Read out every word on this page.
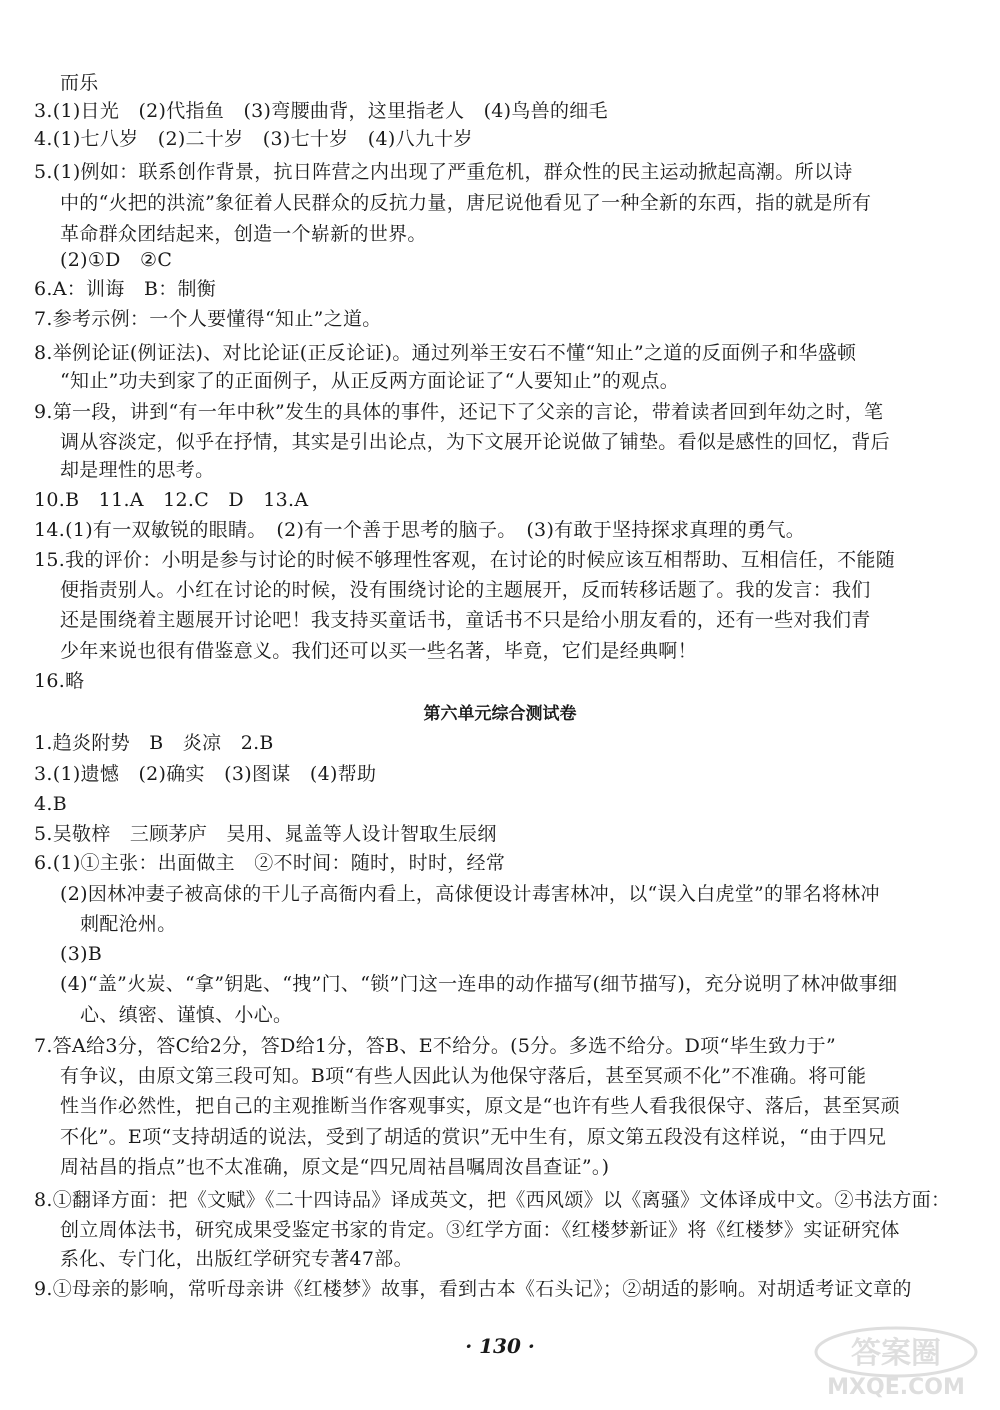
而乐
3.(1)日光　(2)代指鱼　(3)弯腰曲背，这里指老人　(4)鸟兽的细毛
4.(1)七八岁　(2)二十岁　(3)七十岁　(4)八九十岁
5.(1)例如：联系创作背景，抗日阵营之内出现了严重危机，群众性的民主运动掀起高潮。所以诗
中的“火把的洪流”象征着人民群众的反抗力量，唐尼说他看见了一种全新的东西，指的就是所有
革命群众团结起来，创造一个崭新的世界。
(2)①D　②C
6.A：训诲　B：制衡
7.参考示例：一个人要懂得“知止”之道。
8.举例论证(例证法)、对比论证(正反论证)。通过列举王安石不懂“知止”之道的反面例子和华盛顿
“知止”功夫到家了的正面例子，从正反两方面论证了“人要知止”的观点。
9.第一段，讲到“有一年中秋”发生的具体的事件，还记下了父亲的言论，带着读者回到年幼之时，笔
调从容淡定，似乎在抒情，其实是引出论点，为下文展开论说做了铺垫。看似是感性的回忆，背后
却是理性的思考。
10.B　11.A　12.C　D　13.A
14.(1)有一双敏锐的眼睛。　(2)有一个善于思考的脑子。　(3)有敢于坚持探求真理的勇气。
15.我的评价：小明是参与讨论的时候不够理性客观，在讨论的时候应该互相帮助、互相信任，不能随
便指责别人。小红在讨论的时候，没有围绕讨论的主题展开，反而转移话题了。我的发言：我们
还是围绕着主题展开讨论吧！我支持买童话书，童话书不只是给小朋友看的，还有一些对我们青
少年来说也很有借鉴意义。我们还可以买一些名著，毕竟，它们是经典啊！
16.略
第六单元综合测试卷
1.趋炎附势　B　炎凉　2.B
3.(1)遗憾　(2)确实　(3)图谋　(4)帮助
4.B
5.吴敬梓　三顾茅庐　吴用、晁盖等人设计智取生辰纲
6.(1)①主张：出面做主　②不时间：随时，时时，经常
(2)因林冲妻子被高俅的干儿子高衙内看上，高俅便设计毒害林冲，以“误入白虎堂”的罪名将林冲
刺配沧州。
(3)B
(4)“盖”火炭、“拿”钥匙、“拽”门、“锁”门这一连串的动作描写(细节描写)，充分说明了林冲做事细
心、缜密、谨慎、小心。
7.答A给3分，答C给2分，答D给1分，答B、E不给分。(5分。多选不给分。D项“毕生致力于”
有争议，由原文第三段可知。B项“有些人因此认为他保守落后，甚至冥顽不化”不准确。将可能
性当作必然性，把自己的主观推断当作客观事实，原文是“也许有些人看我很保守、落后，甚至冥顽
不化”。E项“支持胡适的说法，受到了胡适的赏识”无中生有，原文第五段没有这样说，“由于四兄
周祜昌的指点”也不太准确，原文是“四兄周祜昌嘱周汝昌查证”。)
8.①翻译方面：把《文赋》《二十四诗品》译成英文，把《西风颂》以《离骚》文体译成中文。②书法方面：
创立周体法书，研究成果受鉴定书家的肯定。③红学方面：《红楼梦新证》将《红楼梦》实证研究体
系化、专门化，出版红学研究专著47部。
9.①母亲的影响，常听母亲讲《红楼梦》故事，看到古本《石头记》；②胡适的影响。对胡适考证文章的
· 130 ·	答案圈
MXQE.COM
